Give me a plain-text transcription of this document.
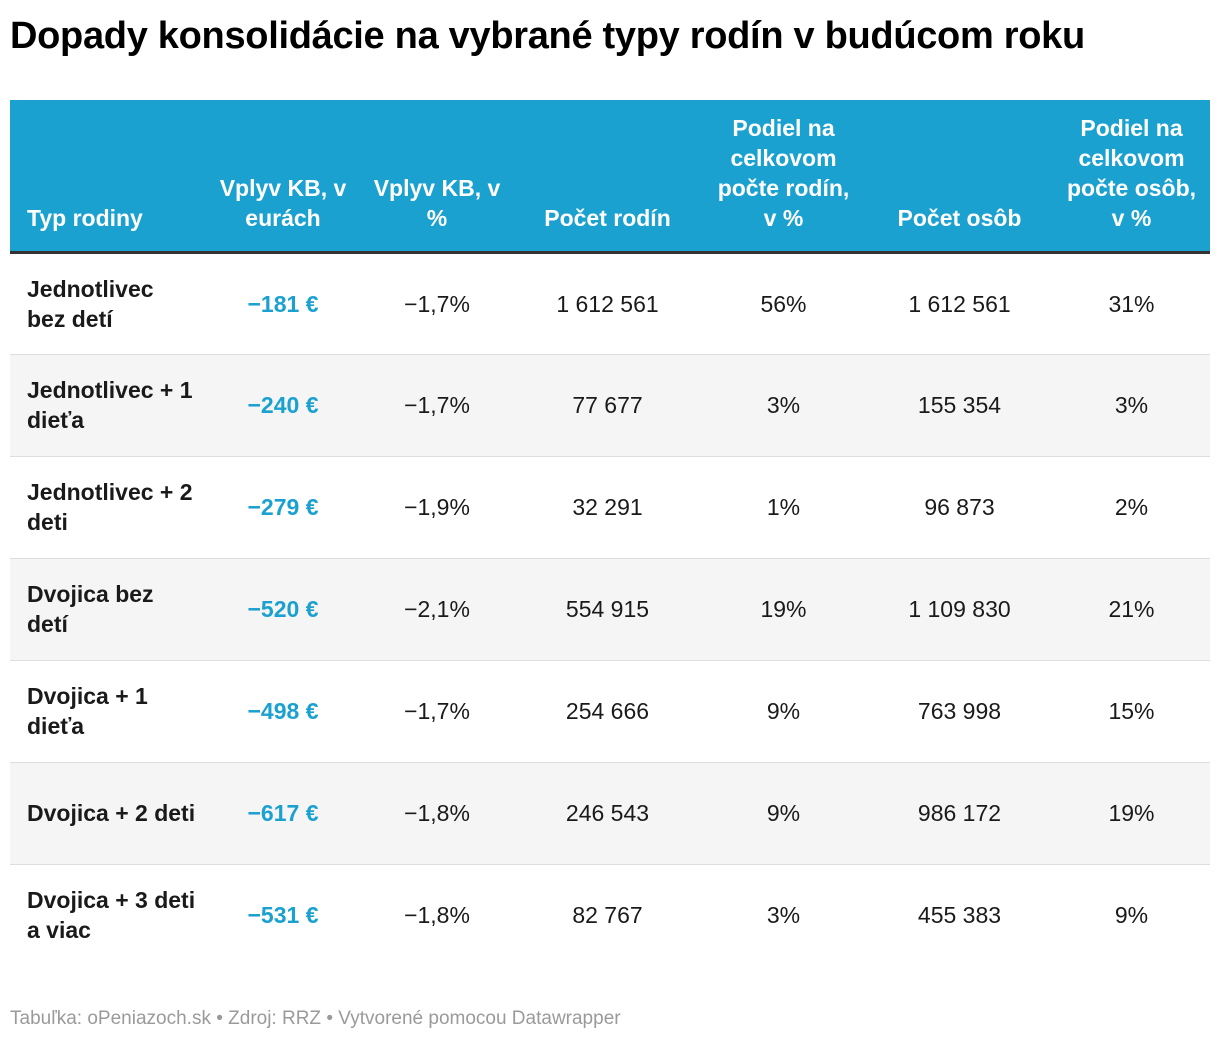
Dopady konsolidácie na vybrané typy rodín v budúcom roku
Typ rodiny	Vplyv KB, v eurách	Vplyv KB, v %	Počet rodín	Podiel na celkovom počte rodín, v %	Počet osôb	Podiel na celkovom počte osôb, v %
Jednotlivec bez detí	−181 €	−1,7%	1 612 561	56%	1 612 561	31%
Jednotlivec + 1 dieťa	−240 €	−1,7%	77 677	3%	155 354	3%
Jednotlivec + 2 deti	−279 €	−1,9%	32 291	1%	96 873	2%
Dvojica bez detí	−520 €	−2,1%	554 915	19%	1 109 830	21%
Dvojica + 1 dieťa	−498 €	−1,7%	254 666	9%	763 998	15%
Dvojica + 2 deti	−617 €	−1,8%	246 543	9%	986 172	19%
Dvojica + 3 deti a viac	−531 €	−1,8%	82 767	3%	455 383	9%
Tabuľka: oPeniazoch.sk • Zdroj: RRZ • Vytvorené pomocou Datawrapper
